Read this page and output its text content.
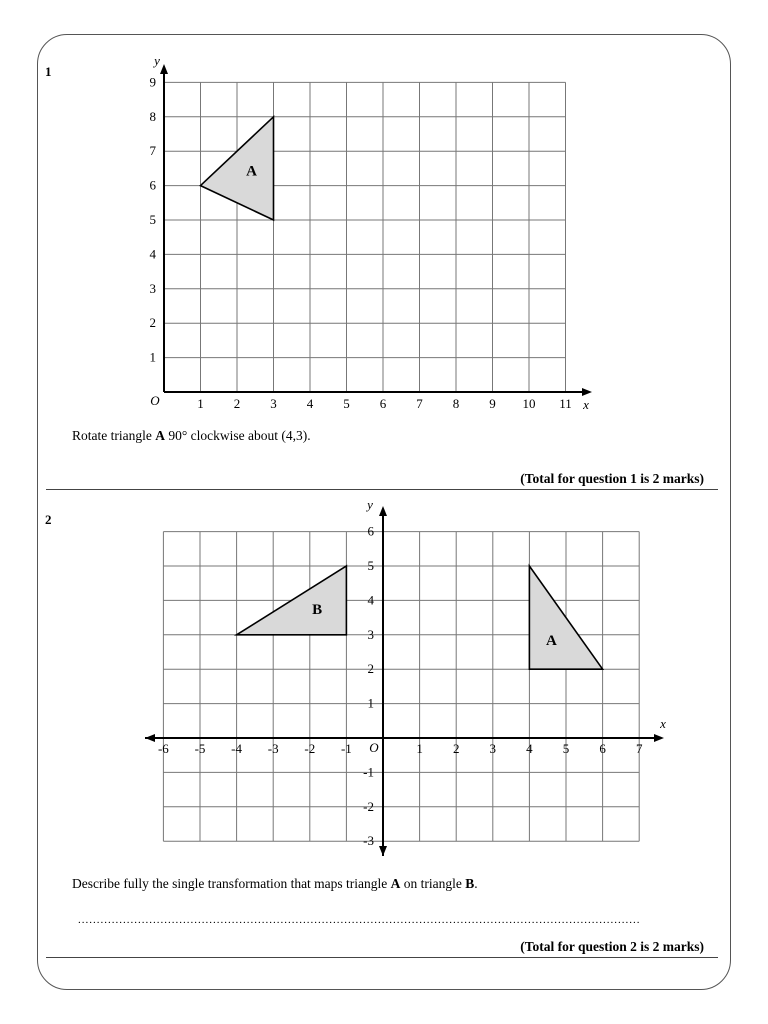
1
A
1 2 3 4 5 6 7 8 9 10 11
1
2
3
4
5
6
7
8
9
O	x
y
Rotate triangle A 90° clockwise about (4,3).
(Total for question 1 is 2 marks)
2
B
A
-6 -5 -4 -3 -2 -1	1 2 3 4 5 6 7
-3
-2
-1
1
2
3
4
5
6
O
x
y
Describe fully the single transformation that maps triangle A on triangle B.
......................................................................................................................................................
(Total for question 2 is 2 marks)
